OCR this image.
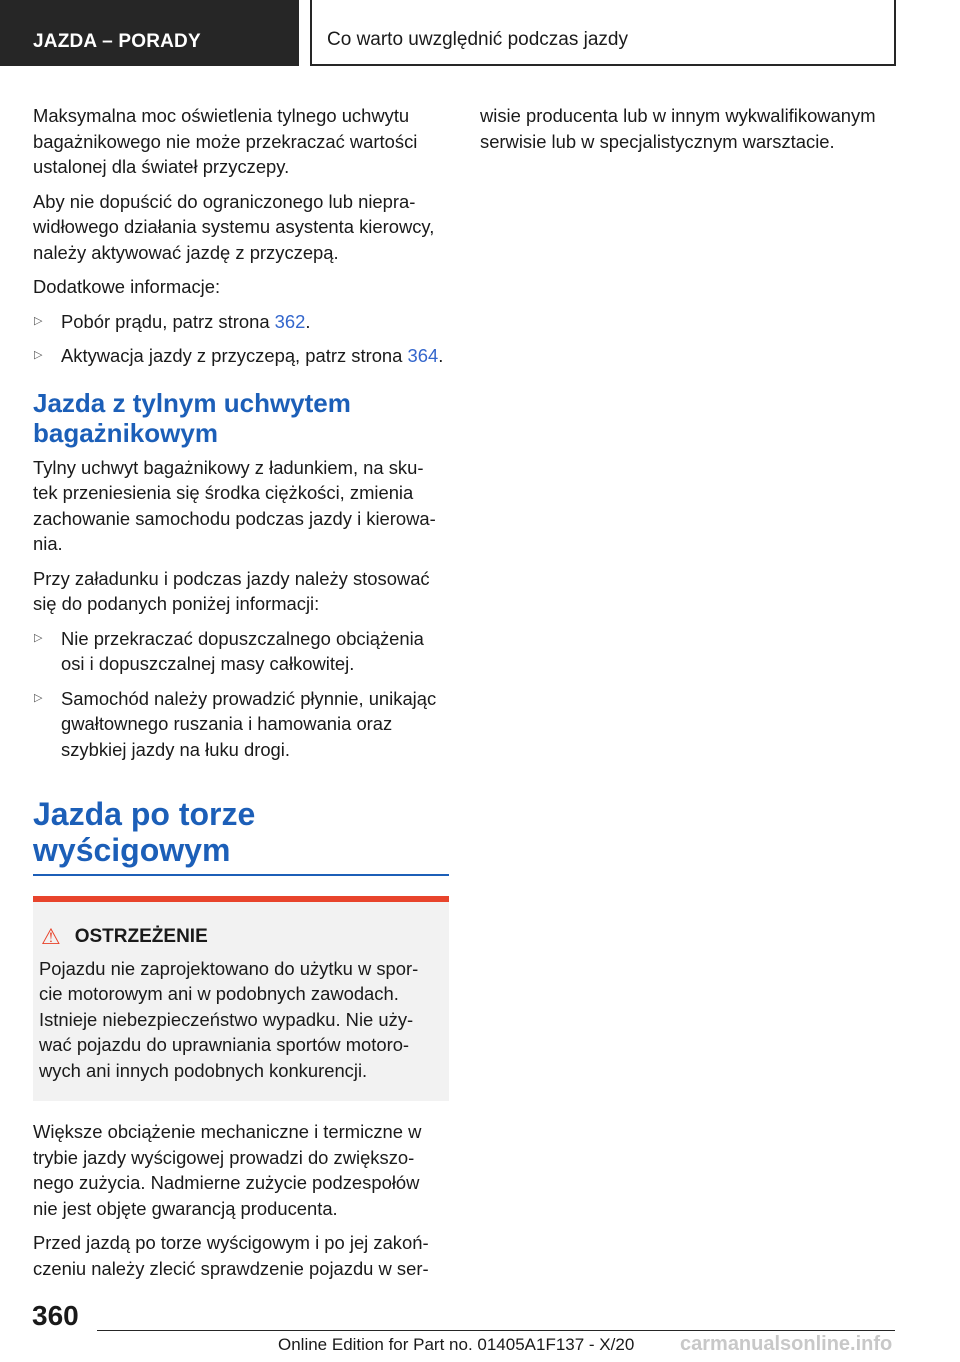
JAZDA – PORADY	Co warto uwzględnić podczas jazdy

Maksymalna moc oświetlenia tylnego uchwytu bagażnikowego nie może przekraczać wartości ustalonej dla świateł przyczepy.

Aby nie dopuścić do ograniczonego lub niepra- widłowego działania systemu asystenta kierowcy, należy aktywować jazdę z przyczepą.

Dodatkowe informacje:

▷ Pobór prądu, patrz strona 362.
▷ Aktywacja jazdy z przyczepą, patrz strona 364.
Jazda z tylnym uchwytem bagażnikowym

Tylny uchwyt bagażnikowy z ładunkiem, na sku- tek przeniesienia się środka ciężkości, zmienia zachowanie samochodu podczas jazdy i kierowa- nia.

Przy załadunku i podczas jazdy należy stosować się do podanych poniżej informacji:

▷ Nie przekraczać dopuszczalnego obciążenia osi i dopuszczalnej masy całkowitej.
▷ Samochód należy prowadzić płynnie, unikając gwałtownego ruszania i hamowania oraz szybkiej jazdy na łuku drogi.
Jazda po torze wyścigowym
⚠ OSTRZEŻENIE

Pojazdu nie zaprojektowano do użytku w spor- cie motorowym ani w podobnych zawodach. Istnieje niebezpieczeństwo wypadku. Nie uży- wać pojazdu do uprawniania sportów motoro- wych ani innych podobnych konkurencji.

Większe obciążenie mechaniczne i termiczne w trybie jazdy wyścigowej prowadzi do zwiększo- nego zużycia. Nadmierne zużycie podzespołów nie jest objęte gwarancją producenta.

Przed jazdą po torze wyścigowym i po jej zakoń- czeniu należy zlecić sprawdzenie pojazdu w ser-

wisie producenta lub w innym wykwalifikowanym serwisie lub w specjalistycznym warsztacie.

360
Online Edition for Part no. 01405A1F137 - X/20 carmanualsonline.info
